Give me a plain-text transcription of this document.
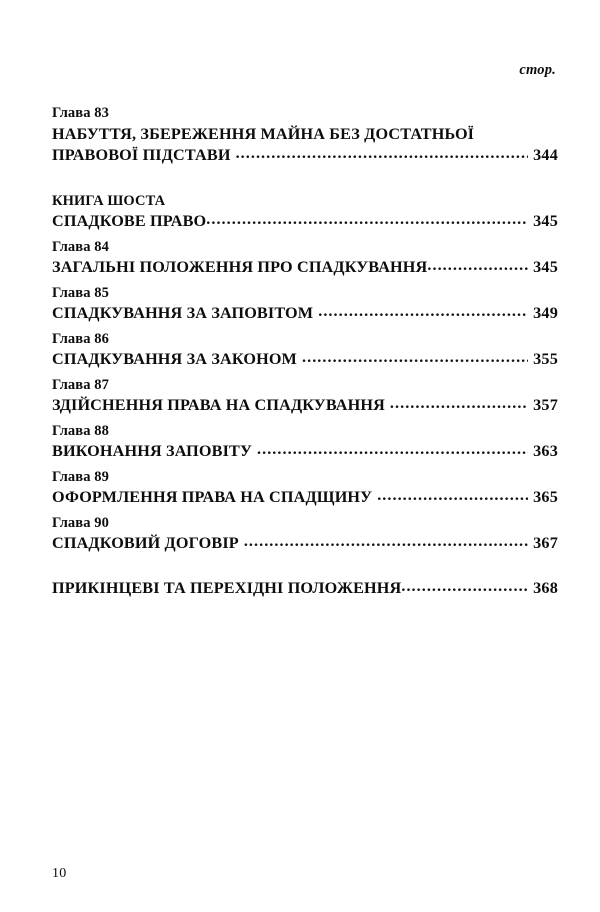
стор.
Глава 83
НАБУТТЯ, ЗБЕРЕЖЕННЯ МАЙНА БЕЗ ДОСТАТНЬОЇ
ПРАВОВОЇ ПІДСТАВИ .....	344
КНИГА ШОСТА
СПАДКОВЕ ПРАВО .....	345
Глава 84
ЗАГАЛЬНІ ПОЛОЖЕННЯ ПРО СПАДКУВАННЯ .....	345
Глава 85
СПАДКУВАННЯ ЗА ЗАПОВІТОМ .....	349
Глава 86
СПАДКУВАННЯ ЗА ЗАКОНОМ .....	355
Глава 87
ЗДІЙСНЕННЯ ПРАВА НА СПАДКУВАННЯ .....	357
Глава 88
ВИКОНАННЯ ЗАПОВІТУ .....	363
Глава 89
ОФОРМЛЕННЯ ПРАВА НА СПАДЩИНУ .....	365
Глава 90
СПАДКОВИЙ ДОГОВІР .....	367
ПРИКІНЦЕВІ ТА ПЕРЕХІДНІ ПОЛОЖЕННЯ .....	368
10
